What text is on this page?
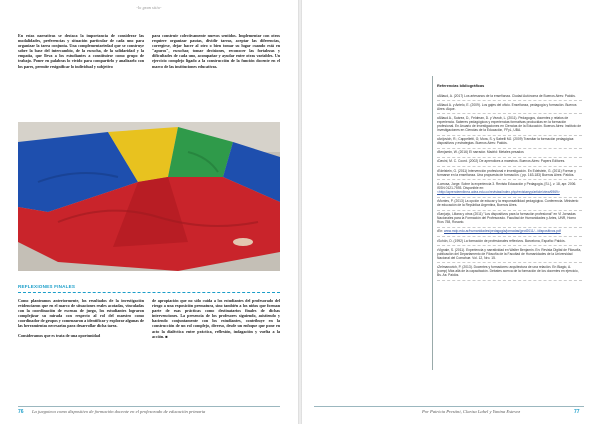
-lo gran sitio-

En estas narrativas se destaca la importancia de considerar las modalidades, preferencias y situación particular de cada uno para organizar la tarea conjunta. Una complementariedad que se construye sobre la base del intercambio, de la escucha, de la solidaridad y la empatía, que lleva a los estudiantes a constituirse como grupo de trabajo. Poner en palabras lo vivido para compartirlo y analizarlo con los pares, permite resignificar lo individual y subjetivo

para construir colectivamente nuevos sentidos. Implementar con otros requiere organizar pautas, dividir tareas, aceptar las diferencias, corregirse, dejar hacer al otro o bien tomar su lugar cuando está en "apuros", escuchar, tomar decisiones, reconocer las fortalezas y dificultades de cada uno, acompañar y ayudar entre otras variables. Un ejercicio complejo ligado a la construcción de la función docente en el marco de las instituciones educativas.

REFLEXIONES FINALES

Como planteamos anteriormente, los resultados de la investigación evidenciaron que en el marco de situaciones reales acotadas, vinculadas con la coordinación de escenas de juego, los estudiantes lograron complejizar su mirada con respecto al rol del maestro como coordinador de grupos y comenzaron a identificar y explorar algunas de las herramientas necesarias para desarrollar dicha tarea.

Consideramos que es trata de una oportunidad

de apropiación que no sólo cuida a los estudiantes del profesorado del riesgo a una exposición prematura, sino también a los niños que forman parte de esas prácticas como destinatarios finales de dichas intervenciones. La presencia de los profesores siguiendo, asistiendo y haciendo conjuntamente con los estudiantes, contribuye en la construcción de un rol complejo, diverso, desde un enfoque que pone en acto la dialéctica entre práctica, reflexión, indagación y vuelta a la acción. ■

76 La juegoteca como dispositivo de formación docente en el profesorado de educación primaria	Por Patricia Prestini, Clarisa Lahel y Yanina Estevez	77
Referencias bibliográficas
•Alliaud, A. (2017) Los artesanos de la enseñanza. Ciudad Autónoma de Buenos Aires: Paidós.
•Alliaud A. y Antelo, E. (2009). Los gajes del oficio. Enseñanza, pedagogía y formación. Buenos Aires: Aique.
•Alliaud A., Suárez, D., Feldman, D. y Vezub, L. (2011). Pedagogos, docentes y relatos de experiencia. Saberes pedagógicos y experiencias formativas producidas en la formación profesional. En Anuario de Investigaciones en Ciencias de la Educación. Buenos Aires: Instituto de Investigaciones en Ciencias de la Educación, FFyL, UBA.
•Anijovich, R.; Cappelletti, G; Mora, S. y Sabelli MJ. (2009) Transitar la formación pedagógica: dispositivos y estrategias. Buenos Aires: Paidós.
•Benjamin, W. (2016) El narrador. Madrid: Metales pesados
•Davini, M. C. Coord. (2002) De aprendices a maestros. Buenos Aires: Papers Editores.
•Edelstein, G. (2011) Intervención profesional e investigación. En Edelstein, G. (2011) Formar y formarse en la enseñanza. Una propuesta de formación. ( pp. 163-183) Buenos Aires: Paidós.
•Larrosa, Jorge. Sobre la experiencia 3. Revista Educación y Pedagogía, [S.l.], v. 18, apr. 2006. ISSN 0121-7593. Disponible en: <http://aprendeenlinea.udea.edu.co/revistas/index.php/revistaeyp/article/view/6969>
•Montes, P. (2013) La opción de educar y la responsabilidad pedagógica. Conferencia. Ministerio de educación de la República Argentina, Buenos Aires.
•Sanjurjo, Liliana y otros (2011) "Los dispositivos para la formación profesional" en VI Jornadas Nacionales para la Formación del Profesorado. Facultad de Humanidades y Artes, UNR, Homo Ríos 758, Rosario.
•En: www.mdp.edu.ar/humanidades/pedagogia/jornadas/jprof2011/.../dispositivos.pdf
•Schön, D. (1992) La formación de profesionales reflexivos. Barcelona, España: Paidós.
•Vignale, S. (2011). Experiencia y narratividad en Walter Benjamin. En: Revista Digital de Filosofía, publicación del Departamento de Filosofía de la Facultad de Humanidades de la Universidad Nacional del Comahue. Vol. 12, Nro. 15.
•Zelmanovich, P. (2013). Docentes y formadores: arquitectura de una relación. En Biagio, A. (comp) Más allá de la capacitación. Debates acerca de la formación de los docentes en ejercicio, Bs. As: Paidós.
